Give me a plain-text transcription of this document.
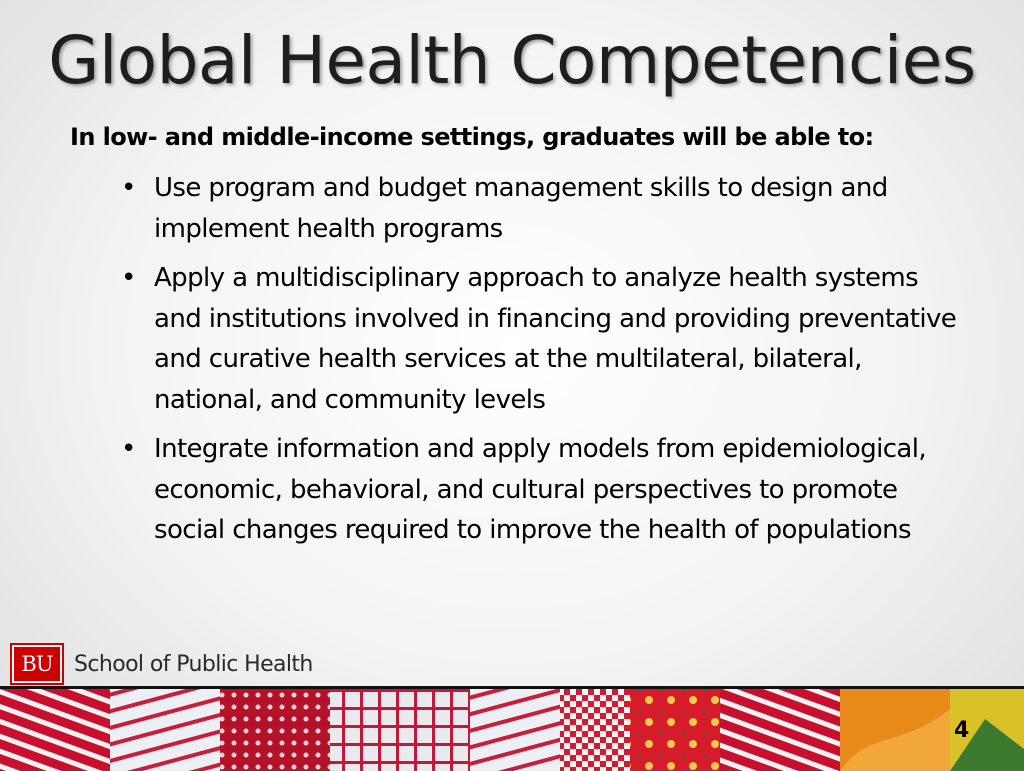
Global Health Competencies
In low- and middle-income settings, graduates will be able to:
• Use program and budget management skills to design and implement health programs
• Apply a multidisciplinary approach to analyze health systems and institutions involved in financing and providing preventative and curative health services at the multilateral, bilateral, national, and community levels
• Integrate information and apply models from epidemiological, economic, behavioral, and cultural perspectives to promote social changes required to improve the health of populations
BU School of Public Health
4
